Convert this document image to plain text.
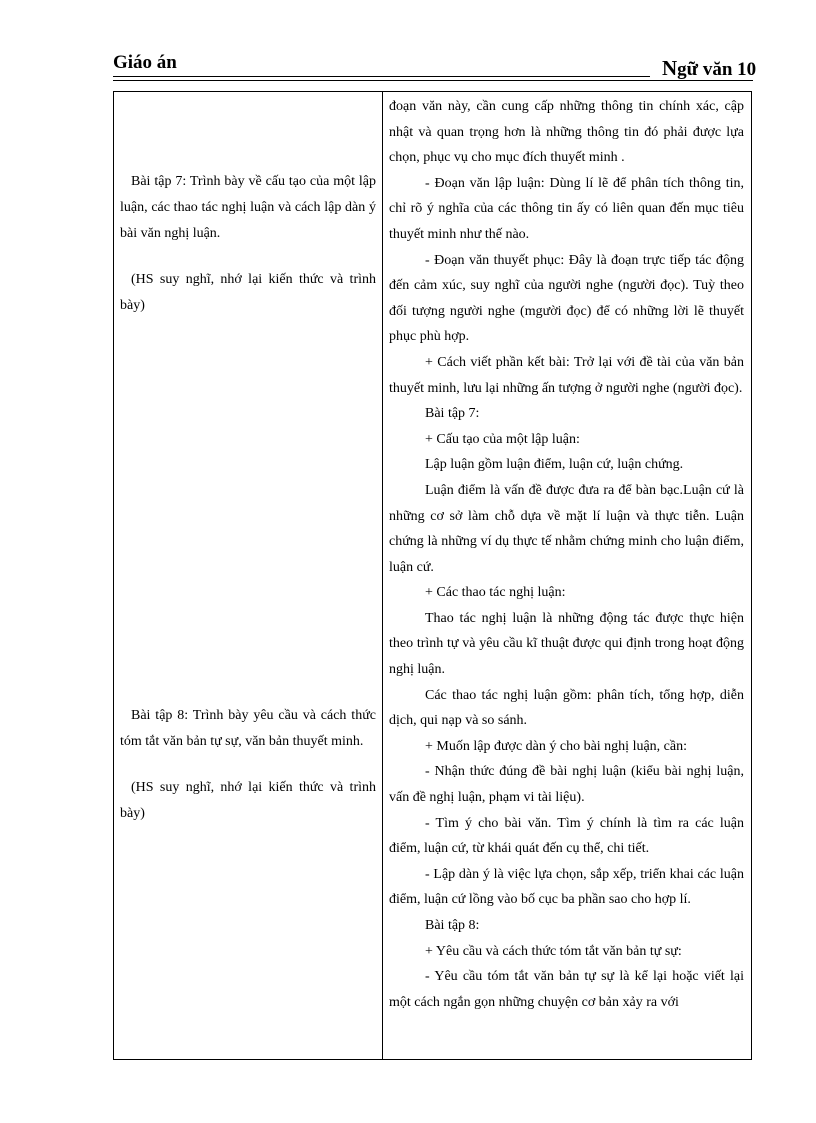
Giáo án	Ngữ văn 10

Bài tập 7: Trình bày về cấu tạo của một lập luận, các thao tác nghị luận và cách lập dàn ý bài văn nghị luận.

(HS suy nghĩ, nhớ lại kiến thức và trình bày)

Bài tập 8: Trình bày yêu cầu và cách thức tóm tắt văn bản tự sự, văn bản thuyết minh.

(HS suy nghĩ, nhớ lại kiến thức và trình bày)

đoạn văn này, cần cung cấp những thông tin chính xác, cập nhật và quan trọng hơn là những thông tin đó phải được lựa chọn, phục vụ cho mục đích thuyết minh .

- Đoạn văn lập luận: Dùng lí lẽ để phân tích thông tin, chỉ rõ ý nghĩa của các thông tin ấy có liên quan đến mục tiêu thuyết minh như thế nào.

- Đoạn văn thuyết phục: Đây là đoạn trực tiếp tác động đến cảm xúc, suy nghĩ của người nghe (người đọc). Tuỳ theo đối tượng người nghe (mgười đọc) để có những lời lẽ thuyết phục phù hợp.

+ Cách viết phần kết bài: Trở lại với đề tài của văn bản thuyết minh, lưu lại những ấn tượng ở người nghe (người đọc).

Bài tập 7:

+ Cấu tạo của một lập luận:

Lập luận gồm luận điểm, luận cứ, luận chứng.

Luận điểm là vấn đề được đưa ra để bàn bạc.Luận cứ là những cơ sở làm chỗ dựa về mặt lí luận và thực tiễn. Luận chứng là những ví dụ thực tế nhằm chứng minh cho luận điểm, luận cứ.

+ Các thao tác nghị luận:

Thao tác nghị luận là những động tác được thực hiện theo trình tự và yêu cầu kĩ thuật được qui định trong hoạt động nghị luận.

Các thao tác nghị luận gồm: phân tích, tổng hợp, diễn dịch, qui nạp và so sánh.

+ Muốn lập được dàn ý cho bài nghị luận, cần:

- Nhận thức đúng đề bài nghị luận (kiểu bài nghị luận, vấn đề nghị luận, phạm vi tài liệu).

- Tìm ý cho bài văn. Tìm ý chính là tìm ra các luận điểm, luận cứ, từ khái quát đến cụ thể, chi tiết.

- Lập dàn ý là việc lựa chọn, sắp xếp, triển khai các luận điểm, luận cứ lồng vào bố cục ba phần sao cho hợp lí.

Bài tập 8:

+ Yêu cầu và cách thức tóm tắt văn bản tự sự:

- Yêu cầu tóm tắt văn bản tự sự là kể lại hoặc viết lại một cách ngắn gọn những chuyện cơ bản xảy ra với
